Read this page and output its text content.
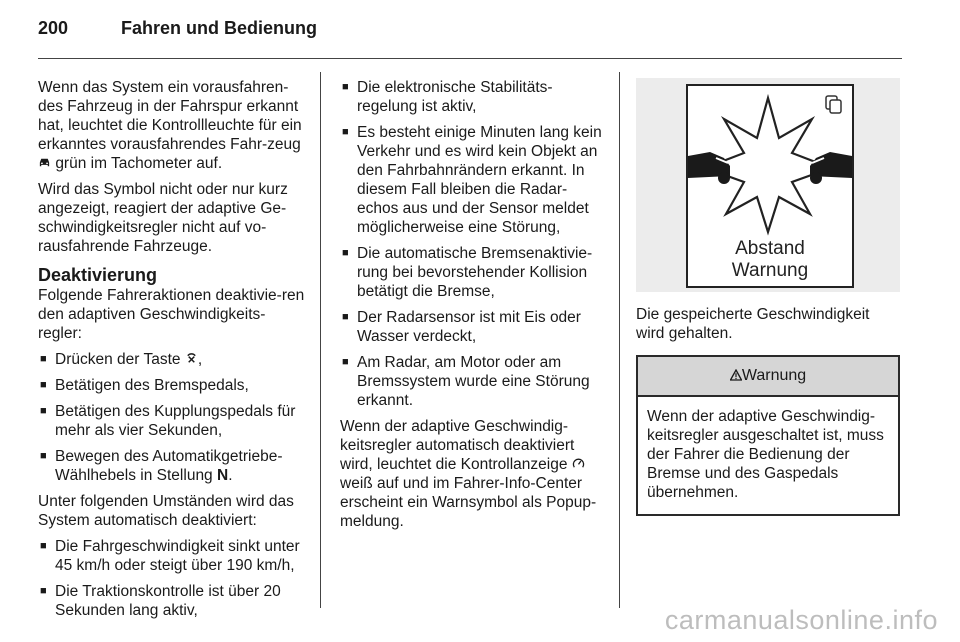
200	Fahren und Bedienung

Wenn das System ein vorausfahren-des Fahrzeug in der Fahrspur erkannt hat, leuchtet die Kontrollleuchte für ein erkanntes vorausfahrendes Fahr-zeug  grün im Tachometer auf.

Wird das Symbol nicht oder nur kurz angezeigt, reagiert der adaptive Ge-schwindigkeitsregler nicht auf vo-rausfahrende Fahrzeuge.

Deaktivierung

Folgende Fahreraktionen deaktivie-ren den adaptiven Geschwindigkeits-regler:

■ Drücken der Taste ,
■ Betätigen des Bremspedals,
■ Betätigen des Kupplungspedals für mehr als vier Sekunden,
■ Bewegen des Automatikgetriebe-Wählhebels in Stellung N.

Unter folgenden Umständen wird das System automatisch deaktiviert:

■ Die Fahrgeschwindigkeit sinkt unter 45 km/h oder steigt über 190 km/h,
■ Die Traktionskontrolle ist über 20 Sekunden lang aktiv,
■ Die elektronische Stabilitäts-regelung ist aktiv,
■ Es besteht einige Minuten lang kein Verkehr und es wird kein Objekt an den Fahrbahnrändern erkannt. In diesem Fall bleiben die Radar-echos aus und der Sensor meldet möglicherweise eine Störung,
■ Die automatische Bremsenaktivie-rung bei bevorstehender Kollision betätigt die Bremse,
■ Der Radarsensor ist mit Eis oder Wasser verdeckt,
■ Am Radar, am Motor oder am Bremssystem wurde eine Störung erkannt.

Wenn der adaptive Geschwindig-keitsregler automatisch deaktiviert wird, leuchtet die Kontrollanzeige  weiß auf und im Fahrer-Info-Center erscheint ein Warnsymbol als Popup-meldung.

Abstand
Warnung

Die gespeicherte Geschwindigkeit wird gehalten.

Warnung
Wenn der adaptive Geschwindig-keitsregler ausgeschaltet ist, muss der Fahrer die Bedienung der Bremse und des Gaspedals übernehmen.
carmanualsonline.info
